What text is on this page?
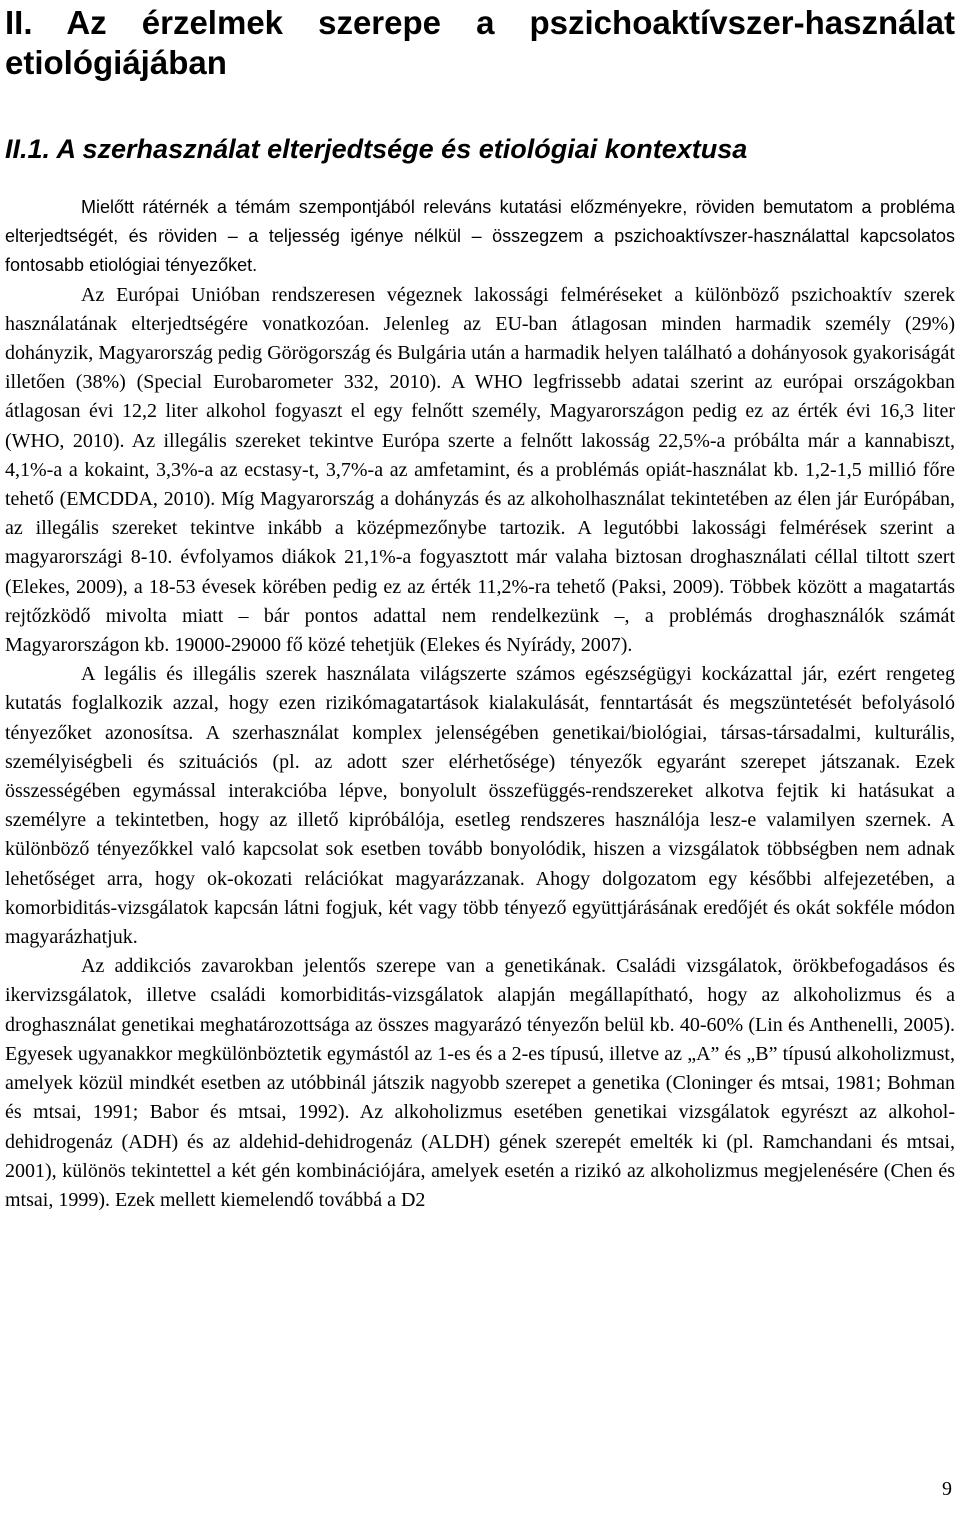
II. Az érzelmek szerepe a pszichoaktívszer-használat etiológiájában
II.1. A szerhasználat elterjedtsége és etiológiai kontextusa

Mielőtt rátérnék a témám szempontjából releváns kutatási előzményekre, röviden bemutatom a probléma elterjedtségét, és röviden – a teljesség igénye nélkül – összegzem a pszichoaktívszer-használattal kapcsolatos fontosabb etiológiai tényezőket.

Az Európai Unióban rendszeresen végeznek lakossági felméréseket a különböző pszichoaktív szerek használatának elterjedtségére vonatkozóan. Jelenleg az EU-ban átlagosan minden harmadik személy (29%) dohányzik, Magyarország pedig Görögország és Bulgária után a harmadik helyen található a dohányosok gyakoriságát illetően (38%) (Special Eurobarometer 332, 2010). A WHO legfrissebb adatai szerint az európai országokban átlagosan évi 12,2 liter alkohol fogyaszt el egy felnőtt személy, Magyarországon pedig ez az érték évi 16,3 liter (WHO, 2010). Az illegális szereket tekintve Európa szerte a felnőtt lakosság 22,5%-a próbálta már a kannabiszt, 4,1%-a a kokaint, 3,3%-a az ecstasy-t, 3,7%-a az amfetamint, és a problémás opiát-használat kb. 1,2-1,5 millió főre tehető (EMCDDA, 2010). Míg Magyarország a dohányzás és az alkoholhasználat tekintetében az élen jár Európában, az illegális szereket tekintve inkább a középmezőnybe tartozik. A legutóbbi lakossági felmérések szerint a magyarországi 8-10. évfolyamos diákok 21,1%-a fogyasztott már valaha biztosan droghasználati céllal tiltott szert (Elekes, 2009), a 18-53 évesek körében pedig ez az érték 11,2%-ra tehető (Paksi, 2009). Többek között a magatartás rejtőzködő mivolta miatt – bár pontos adattal nem rendelkezünk –, a problémás droghasználók számát Magyarországon kb. 19000-29000 fő közé tehetjük (Elekes és Nyírády, 2007).

A legális és illegális szerek használata világszerte számos egészségügyi kockázattal jár, ezért rengeteg kutatás foglalkozik azzal, hogy ezen rizikómagatartások kialakulását, fenntartását és megszüntetését befolyásoló tényezőket azonosítsa. A szerhasználat komplex jelenségében genetikai/biológiai, társas-társadalmi, kulturális, személyiségbeli és szituációs (pl. az adott szer elérhetősége) tényezők egyaránt szerepet játszanak. Ezek összességében egymással interakcióba lépve, bonyolult összefüggés-rendszereket alkotva fejtik ki hatásukat a személyre a tekintetben, hogy az illető kipróbálója, esetleg rendszeres használója lesz-e valamilyen szernek. A különböző tényezőkkel való kapcsolat sok esetben tovább bonyolódik, hiszen a vizsgálatok többségben nem adnak lehetőséget arra, hogy ok-okozati relációkat magyarázzanak. Ahogy dolgozatom egy későbbi alfejezetében, a komorbiditás-vizsgálatok kapcsán látni fogjuk, két vagy több tényező együttjárásának eredőjét és okát sokféle módon magyarázhatjuk.

Az addikciós zavarokban jelentős szerepe van a genetikának. Családi vizsgálatok, örökbefogadásos és ikervizsgálatok, illetve családi komorbiditás-vizsgálatok alapján megállapítható, hogy az alkoholizmus és a droghasználat genetikai meghatározottsága az összes magyarázó tényezőn belül kb. 40-60% (Lin és Anthenelli, 2005). Egyesek ugyanakkor megkülönböztetik egymástól az 1-es és a 2-es típusú, illetve az „A” és „B” típusú alkoholizmust, amelyek közül mindkét esetben az utóbbinál játszik nagyobb szerepet a genetika (Cloninger és mtsai, 1981; Bohman és mtsai, 1991; Babor és mtsai, 1992). Az alkoholizmus esetében genetikai vizsgálatok egyrészt az alkohol-dehidrogenáz (ADH) és az aldehid-dehidrogenáz (ALDH) gének szerepét emelték ki (pl. Ramchandani és mtsai, 2001), különös tekintettel a két gén kombinációjára, amelyek esetén a rizikó az alkoholizmus megjelenésére (Chen és mtsai, 1999). Ezek mellett kiemelendő továbbá a D2

9
